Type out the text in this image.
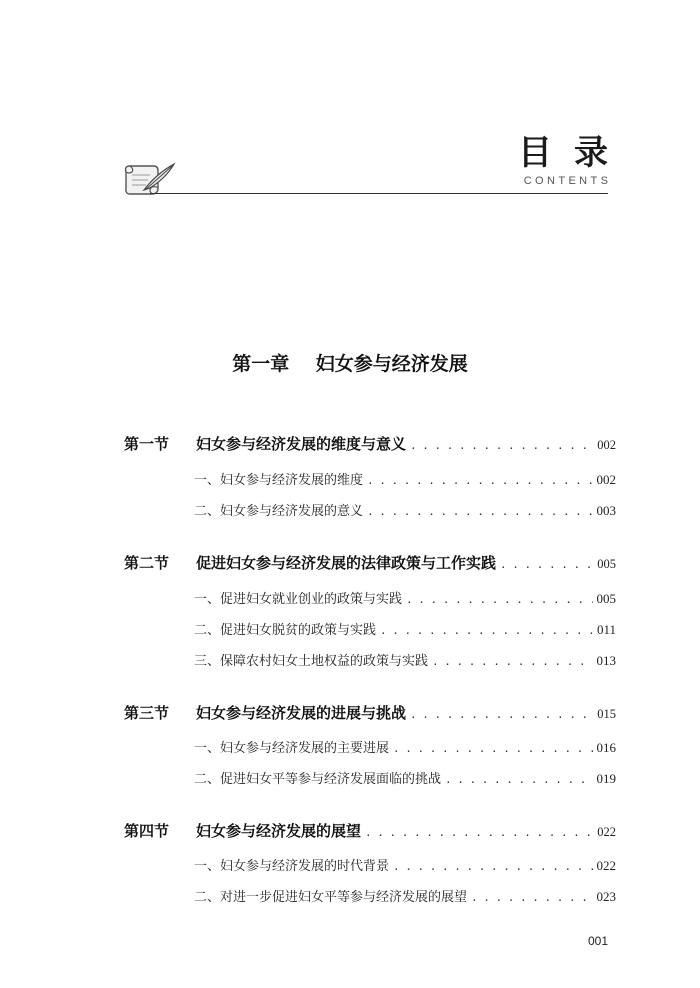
目录
CONTENTS
第一章    妇女参与经济发展
第一节	妇女参与经济发展的维度与意义 . . .	002
一、妇女参与经济发展的维度 . . .	002
二、妇女参与经济发展的意义 . . .	003
第二节	促进妇女参与经济发展的法律政策与工作实践 . . .	005
一、促进妇女就业创业的政策与实践 . . .	005
二、促进妇女脱贫的政策与实践 . . .	011
三、保障农村妇女土地权益的政策与实践 . . .	013
第三节	妇女参与经济发展的进展与挑战 . . .	015
一、妇女参与经济发展的主要进展 . . .	016
二、促进妇女平等参与经济发展面临的挑战 . . .	019
第四节	妇女参与经济发展的展望 . . .	022
一、妇女参与经济发展的时代背景 . . .	022
二、对进一步促进妇女平等参与经济发展的展望 . . .	023
001
